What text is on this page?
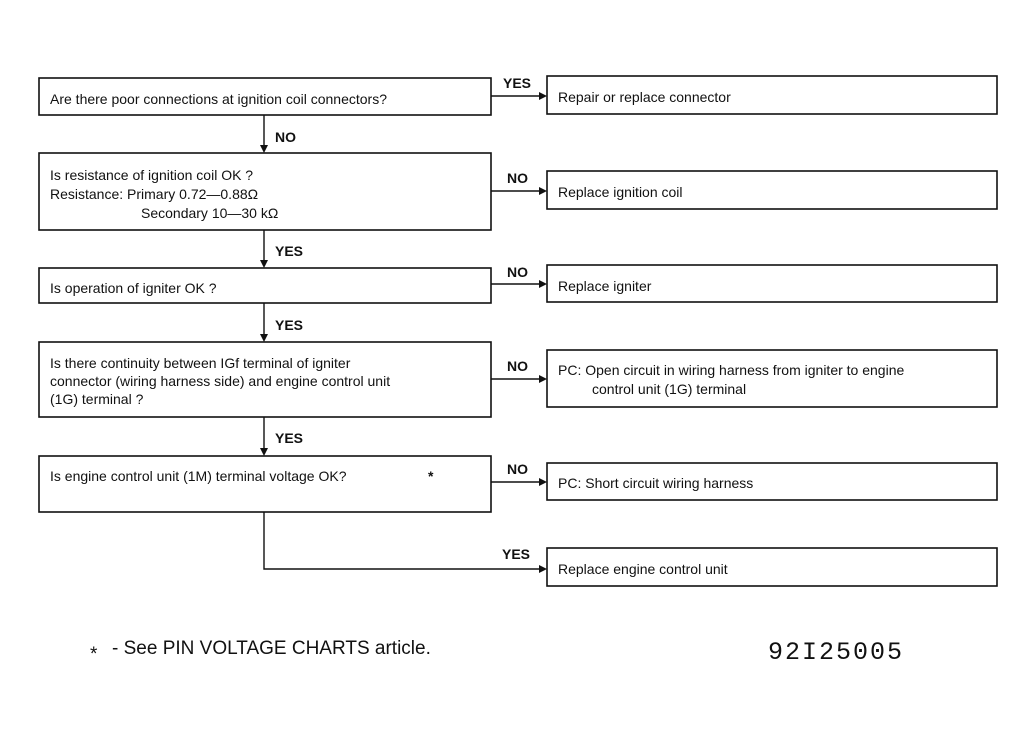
Are there poor connections at ignition coil connectors?
Is resistance of ignition coil OK ?
Resistance: Primary 0.72—0.88Ω
Secondary 10—30 kΩ
Is operation of igniter OK ?
Is there continuity between IGf terminal of igniter
connector (wiring harness side) and engine control unit
(1G) terminal ?
Is engine control unit (1M) terminal voltage OK?	*
Repair or replace connector
Replace ignition coil
Replace igniter
PC: Open circuit in wiring harness from igniter to engine
control unit (1G) terminal
PC: Short circuit wiring harness
Replace engine control unit
YES
NO
NO
YES
NO
YES
NO
YES
NO
YES
* - See PIN VOLTAGE CHARTS article.	92I25005
